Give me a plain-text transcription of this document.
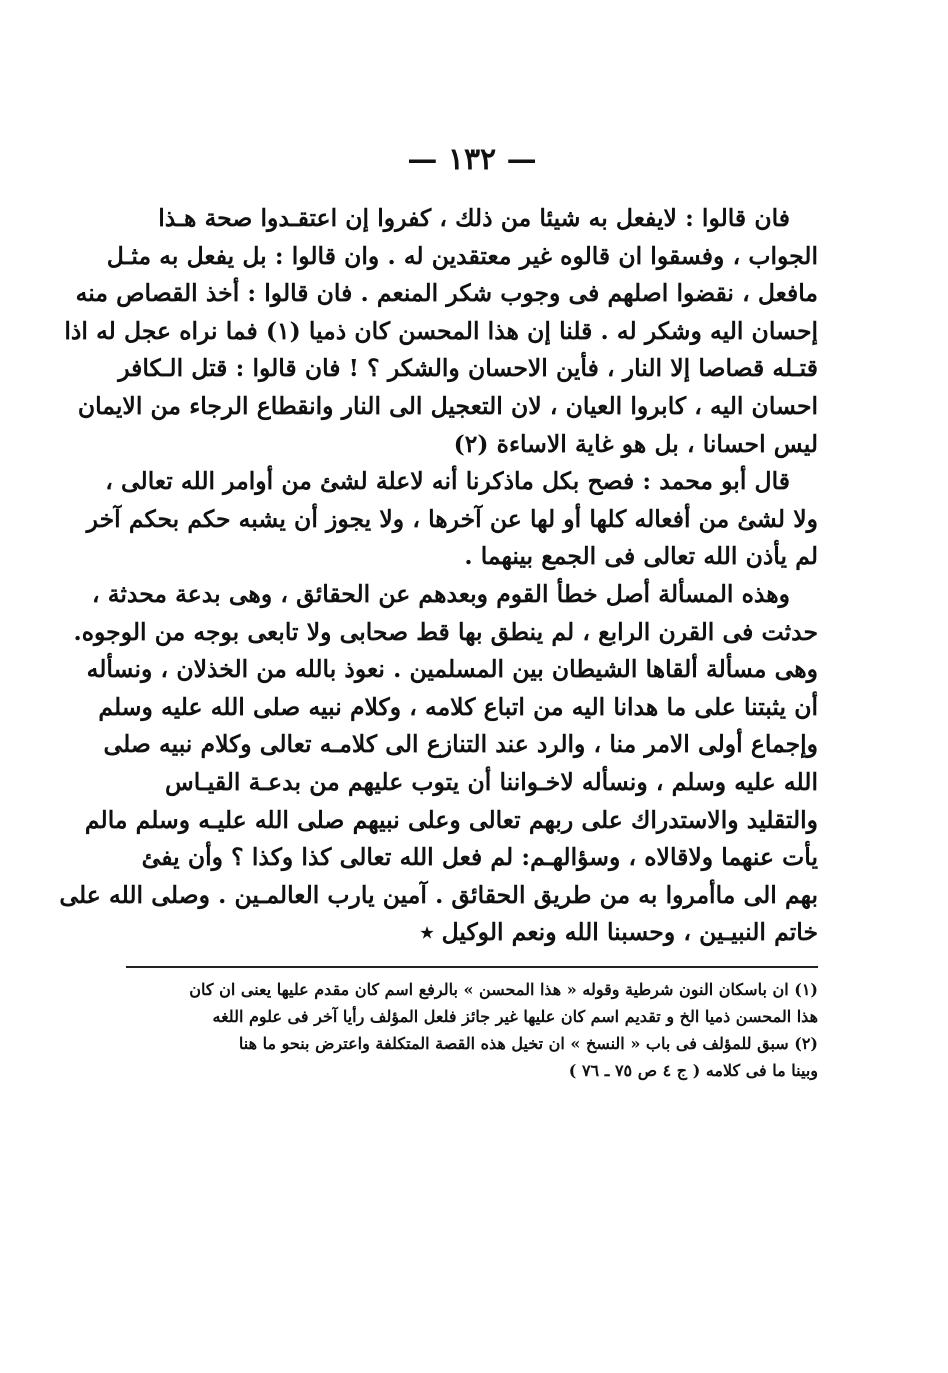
— ١٣٢ —
فان قالوا : لايفعل به شيئا من ذلك ، كفروا إن اعتقـدوا صحة هـذا
الجواب ، وفسقوا ان قالوه غير معتقدين له . وان قالوا : بل يفعل به مثـل
مافعل ، نقضوا اصلهم فى وجوب شكر المنعم . فان قالوا : أخذ القصاص منه
إحسان اليه وشكر له . قلنا إن هذا المحسن كان ذميا (١) فما نراه عجل له اذا
قتـله قصاصا إلا النار ، فأين الاحسان والشكر ؟ ! فان قالوا : قتل الـكافر
احسان اليه ، كابروا العيان ، لان التعجيل الى النار وانقطاع الرجاء من الايمان
ليس احسانا ، بل هو غاية الاساءة (٢)
قال أبو محمد : فصح بكل ماذكرنا أنه لاعلة لشئ من أوامر الله تعالى ،
ولا لشئ من أفعاله كلها أو لها عن آخرها ، ولا يجوز أن يشبه حكم بحكم آخر
لم يأذن الله تعالى فى الجمع بينهما .
وهذه المسألة أصل خطأ القوم وبعدهم عن الحقائق ، وهى بدعة محدثة ،
حدثت فى القرن الرابع ، لم ينطق بها قط صحابى ولا تابعى بوجه من الوجوه.
وهى مسألة ألقاها الشيطان بين المسلمين . نعوذ بالله من الخذلان ، ونسأله
أن يثبتنا على ما هدانا اليه من اتباع كلامه ، وكلام نبيه صلى الله عليه وسلم
وإجماع أولى الامر منا ، والرد عند التنازع الى كلامـه تعالى وكلام نبيه صلى
الله عليه وسلم ، ونسأله لاخـواننا أن يتوب عليهم من بدعـة القيـاس
والتقليد والاستدراك على ربهم تعالى وعلى نبيهم صلى الله عليـه وسلم مالم
يأت عنهما ولاقالاه ، وسؤالهـم: لم فعل الله تعالى كذا وكذا ؟ وأن يفئ
بهم الى ماأمروا به من طريق الحقائق . آمين يارب العالمـين . وصلى الله على
خاتم النبيـين ، وحسبنا الله ونعم الوكيل ٭
(١) ان باسكان النون شرطية وقوله « هذا المحسن » بالرفع اسم كان مقدم عليها يعنى ان كان
هذا المحسن ذميا الخ و تقديم اسم كان عليها غير جائز فلعل المؤلف رأيا آخر فى علوم اللغه
(٢) سبق للمؤلف فى باب « النسخ » ان تخيل هذه القصة المتكلفة واعترض بنحو ما هنا
وبينا ما فى كلامه ( ج ٤ ص ٧٥ ـ ٧٦ )
